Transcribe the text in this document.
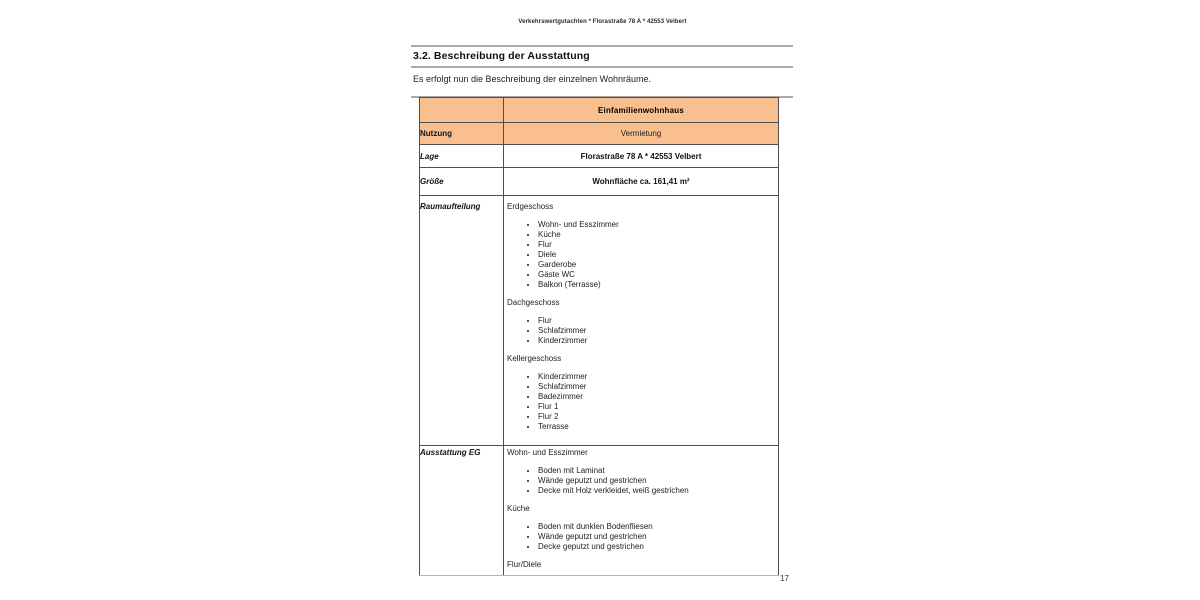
Verkehrswertgutachten * Florastraße 78 A * 42553 Velbert
3.2. Beschreibung der Ausstattung

Es erfolgt nun die Beschreibung der einzelnen Wohnräume.

	Einfamilienwohnhaus
Nutzung	Vermietung
Lage	Florastraße 78 A * 42553 Velbert
Größe	Wohnfläche ca. 161,41 m²
Raumaufteilung	Erdgeschoss
• Wohn- und Esszimmer
• Küche
• Flur
• Diele
• Garderobe
• Gäste WC
• Balkon (Terrasse)
Dachgeschoss
• Flur
• Schlafzimmer
• Kinderzimmer
Kellergeschoss
• Kinderzimmer
• Schlafzimmer
• Badezimmer
• Flur 1
• Flur 2
• Terrasse

Ausstattung EG	Wohn- und Esszimmer
• Boden mit Laminat
• Wände geputzt und gestrichen
• Decke mit Holz verkleidet, weiß gestrichen
Küche
• Boden mit dunklen Bodenfliesen
• Wände geputzt und gestrichen
• Decke geputzt und gestrichen
Flur/Diele
17
